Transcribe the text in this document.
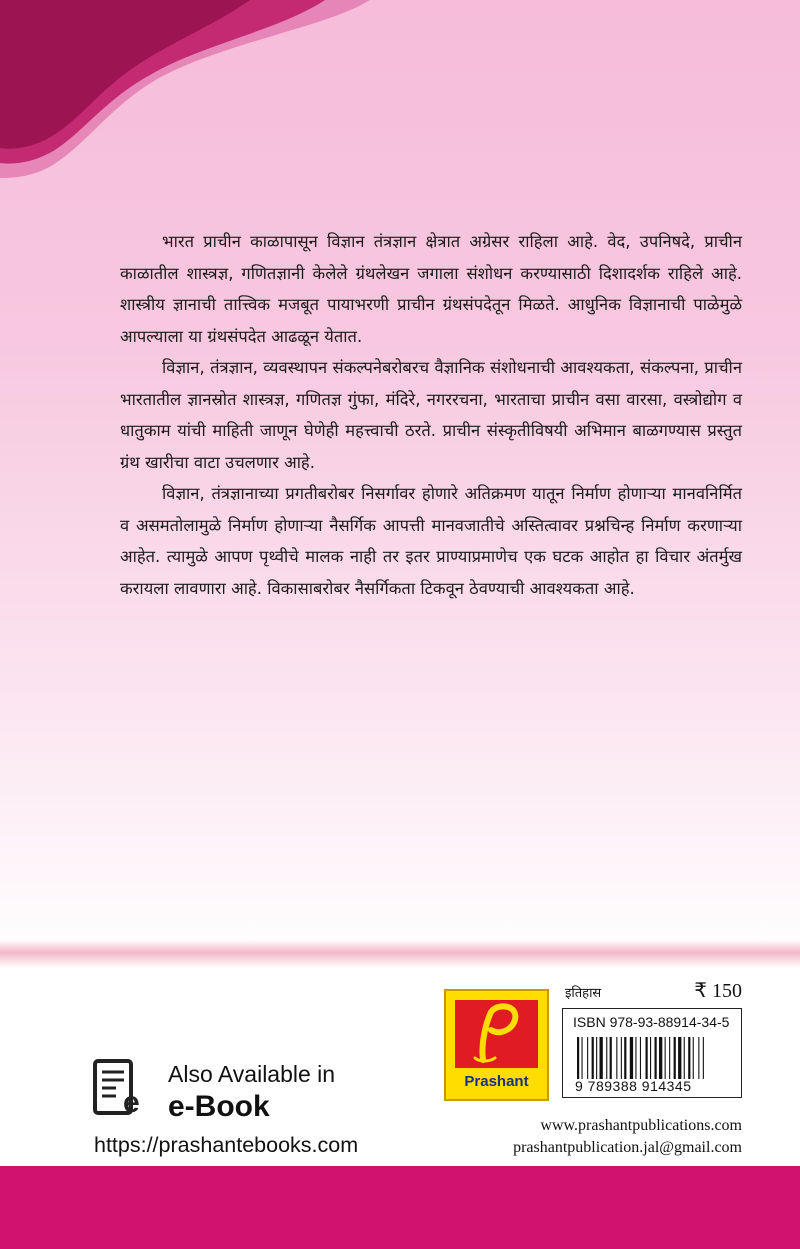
भारत प्राचीन काळापासून विज्ञान तंत्रज्ञान क्षेत्रात अग्रेसर राहिला आहे. वेद, उपनिषदे, प्राचीन काळातील शास्त्रज्ञ, गणितज्ञानी केलेले ग्रंथलेखन जगाला संशोधन करण्यासाठी दिशादर्शक राहिले आहे. शास्त्रीय ज्ञानाची तात्त्विक मजबूत पायाभरणी प्राचीन ग्रंथसंपदेतून मिळते. आधुनिक विज्ञानाची पाळेमुळे आपल्याला या ग्रंथसंपदेत आढळून येतात.

विज्ञान, तंत्रज्ञान, व्यवस्थापन संकल्पनेबरोबरच वैज्ञानिक संशोधनाची आवश्यकता, संकल्पना, प्राचीन भारतातील ज्ञानस्रोत शास्त्रज्ञ, गणितज्ञ गुंफा, मंदिरे, नगररचना, भारताचा प्राचीन वसा वारसा, वस्त्रोद्योग व धातुकाम यांची माहिती जाणून घेणेही महत्त्वाची ठरते. प्राचीन संस्कृतीविषयी अभिमान बाळगण्यास प्रस्तुत ग्रंथ खारीचा वाटा उचलणार आहे.

विज्ञान, तंत्रज्ञानाच्या प्रगतीबरोबर निसर्गावर होणारे अतिक्रमण यातून निर्माण होणाऱ्या मानवनिर्मित व असमतोलामुळे निर्माण होणाऱ्या नैसर्गिक आपत्ती मानवजातीचे अस्तित्वावर प्रश्नचिन्ह निर्माण करणाऱ्या आहेत. त्यामुळे आपण पृथ्वीचे मालक नाही तर इतर प्राण्याप्रमाणेच एक घटक आहोत हा विचार अंतर्मुख करायला लावणारा आहे. विकासाबरोबर नैसर्गिकता टिकवून ठेवण्याची आवश्यकता आहे.

e
Also Available in
e-Book
https://prashantebooks.com
Prashant
इतिहास	₹ 150
ISBN 978-93-88914-34-5
9 789388 914345
www.prashantpublications.com
prashantpublication.jal@gmail.com
